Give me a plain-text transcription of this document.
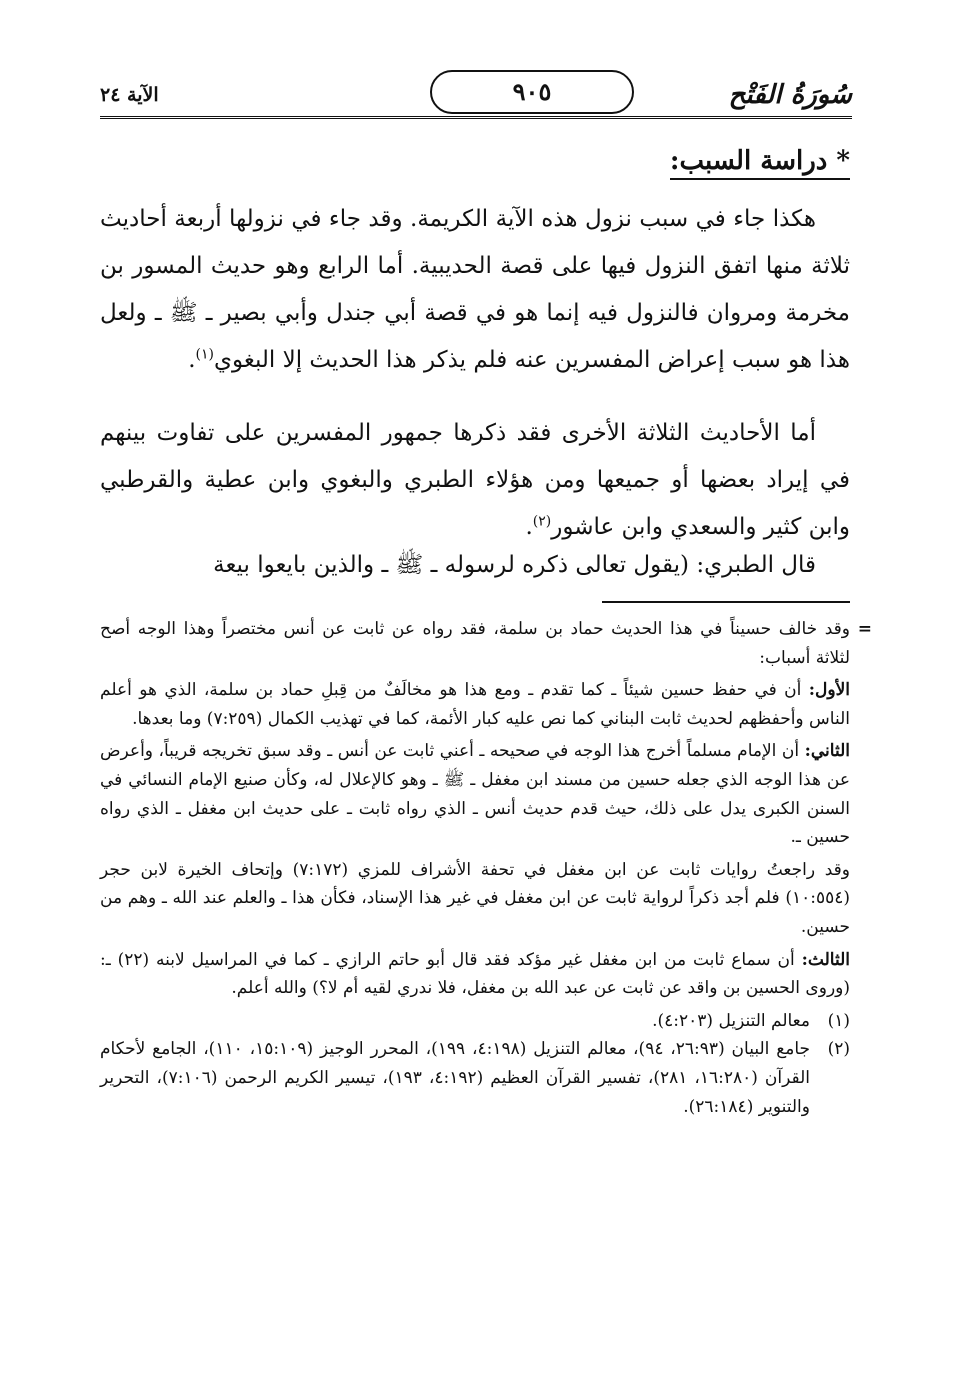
سُورَةُ الفَتْح
٩٠٥
الآية ٢٤
* دراسة السبب:

هكذا جاء في سبب نزول هذه الآية الكريمة. وقد جاء في نزولها أربعة أحاديث ثلاثة منها اتفق النزول فيها على قصة الحديبية. أما الرابع وهو حديث المسور بن مخرمة ومروان فالنزول فيه إنما هو في قصة أبي جندل وأبي بصير ـ ﷺ ـ ولعل هذا هو سبب إعراض المفسرين عنه فلم يذكر هذا الحديث إلا البغوي$^{(١)}$.

أما الأحاديث الثلاثة الأخرى فقد ذكرها جمهور المفسرين على تفاوت بينهم في إيراد بعضها أو جميعها ومن هؤلاء الطبري والبغوي وابن عطية والقرطبي وابن كثير والسعدي وابن عاشور$^{(٢)}$.

قال الطبري: (يقول تعالى ذكره لرسوله ـ ﷺ ـ والذين بايعوا بيعة

=
وقد خالف حسيناً في هذا الحديث حماد بن سلمة، فقد رواه عن ثابت عن أنس مختصراً وهذا الوجه أصح لثلاثة أسباب:

الأول: أن في حفظ حسين شيئاً ـ كما تقدم ـ ومع هذا هو مخالَفٌ من قِبلِ حماد بن سلمة، الذي هو أعلم الناس وأحفظهم لحديث ثابت البناني كما نص عليه كبار الأئمة، كما في تهذيب الكمال (٧:٢٥٩) وما بعدها.

الثاني: أن الإمام مسلماً أخرج هذا الوجه في صحيحه ـ أعني ثابت عن أنس ـ وقد سبق تخريجه قريباً، وأعرض عن هذا الوجه الذي جعله حسين من مسند ابن مغفل ـ ﷺ ـ وهو كالإعلال له، وكأن صنيع الإمام النسائي في السنن الكبرى يدل على ذلك، حيث قدم حديث أنس ـ الذي رواه ثابت ـ على حديث ابن مغفل ـ الذي رواه حسين ـ.

وقد راجعتُ روايات ثابت عن ابن مغفل في تحفة الأشراف للمزي (٧:١٧٢) وإتحاف الخيرة لابن حجر (١٠:٥٥٤) فلم أجد ذكراً لرواية ثابت عن ابن مغفل في غير هذا الإسناد، فكأن هذا ـ والعلم عند الله ـ وهم من حسين.

الثالث: أن سماع ثابت من ابن مغفل غير مؤكد فقد قال أبو حاتم الرازي ـ كما في المراسيل لابنه (٢٢) ـ: (وروى الحسين بن واقد عن ثابت عن عبد الله بن مغفل، فلا ندري لقيه أم لا؟) والله أعلم.

(١)
معالم التنزيل (٤:٢٠٣).

(٢)
جامع البيان (٢٦:٩٣، ٩٤)، معالم التنزيل (٤:١٩٨، ١٩٩)، المحرر الوجيز (١٥:١٠٩، ١١٠)، الجامع لأحكام القرآن (١٦:٢٨٠، ٢٨١)، تفسير القرآن العظيم (٤:١٩٢، ١٩٣)، تيسير الكريم الرحمن (٧:١٠٦)، التحرير والتنوير (٢٦:١٨٤).
